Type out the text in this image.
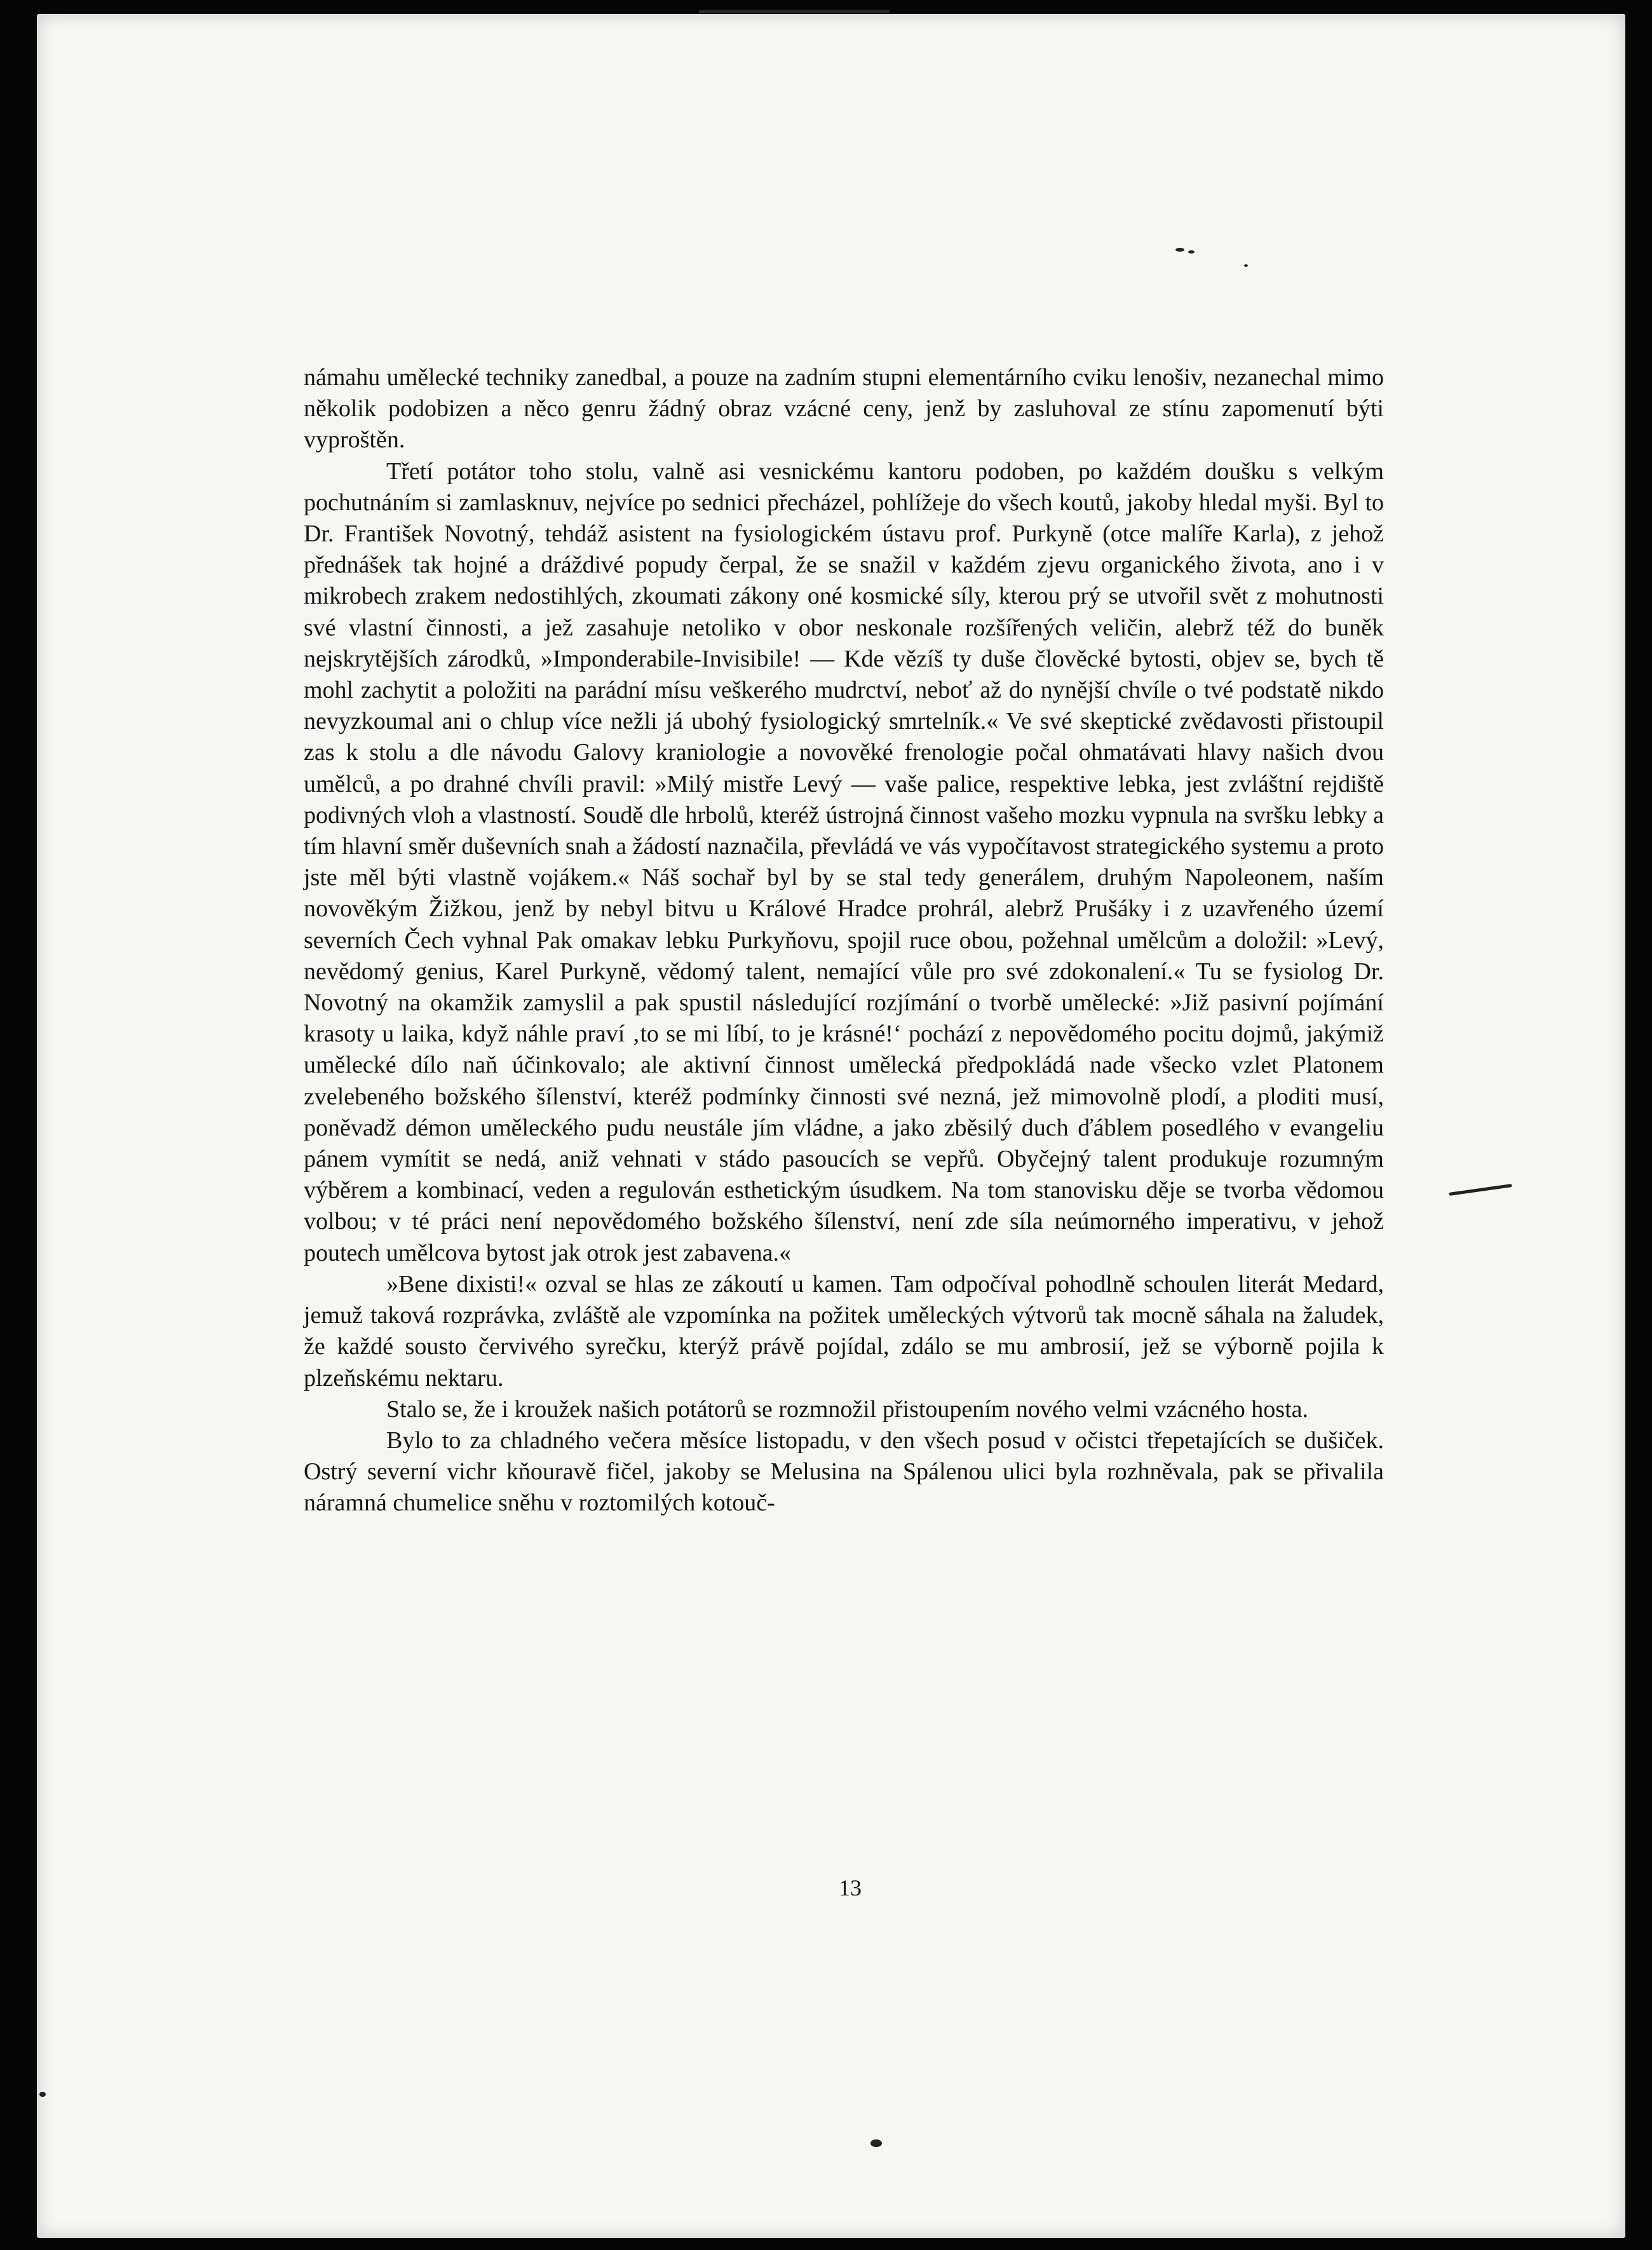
námahu umělecké techniky zanedbal, a pouze na zadním stupni elementárního cviku lenošiv, nezanechal mimo několik podobizen a něco genru žádný obraz vzácné ceny, jenž by zasluhoval ze stínu zapomenutí býti vyproštěn.

Třetí potátor toho stolu, valně asi vesnickému kantoru podoben, po každém doušku s velkým pochutnáním si zamlasknuv, nejvíce po sednici přecházel, pohlížeje do všech koutů, jakoby hledal myši. Byl to Dr. František Novotný, tehdáž asistent na fysiologickém ústavu prof. Purkyně (otce malíře Karla), z jehož přednášek tak hojné a dráždivé popudy čerpal, že se snažil v každém zjevu organického života, ano i v mikrobech zrakem nedostihlých, zkoumati zákony oné kosmické síly, kterou prý se utvořil svět z mohutnosti své vlastní činnosti, a jež zasahuje netoliko v obor neskonale rozšířených veličin, alebrž též do buněk nejskrytějších zárodků, »Imponderabile-Invisibile! — Kde vězíš ty duše člověcké bytosti, objev se, bych tě mohl zachytit a položiti na parádní mísu veškerého mudrctví, neboť až do nynější chvíle o tvé podstatě nikdo nevyzkoumal ani o chlup více nežli já ubohý fysiologický smrtelník.« Ve své skeptické zvědavosti přistoupil zas k stolu a dle návodu Galovy kraniologie a novověké frenologie počal ohmatávati hlavy našich dvou umělců, a po drahné chvíli pravil: »Milý mistře Levý — vaše palice, respektive lebka, jest zvláštní rejdiště podivných vloh a vlastností. Soudě dle hrbolů, kteréž ústrojná činnost vašeho mozku vypnula na svršku lebky a tím hlavní směr duševních snah a žádostí naznačila, převládá ve vás vypočítavost strategického systemu a proto jste měl býti vlastně vojákem.« Náš sochař byl by se stal tedy generálem, druhým Napoleonem, naším novověkým Žižkou, jenž by nebyl bitvu u Králové Hradce prohrál, alebrž Prušáky i z uzavřeného území severních Čech vyhnal Pak omakav lebku Purkyňovu, spojil ruce obou, požehnal umělcům a doložil: »Levý, nevědomý genius, Karel Purkyně, vědomý talent, nemající vůle pro své zdokonalení.« Tu se fysiolog Dr. Novotný na okamžik zamyslil a pak spustil následující rozjímání o tvorbě umělecké: »Již pasivní pojímání krasoty u laika, když náhle praví ‚to se mi líbí, to je krásné!‘ pochází z nepovědomého pocitu dojmů, jakýmiž umělecké dílo naň účinkovalo; ale aktivní činnost umělecká předpokládá nade všecko vzlet Platonem zvelebeného božského šílenství, kteréž podmínky činnosti své nezná, jež mimovolně plodí, a ploditi musí, poněvadž démon uměleckého pudu neustále jím vládne, a jako zběsilý duch ďáblem posedlého v evangeliu pánem vymítit se nedá, aniž vehnati v stádo pasoucích se vepřů. Obyčejný talent produkuje rozumným výběrem a kombinací, veden a regulován esthetickým úsudkem. Na tom stanovisku děje se tvorba vědomou volbou; v té práci není nepovědomého božského šílenství, není zde síla neúmorného imperativu, v jehož poutech umělcova bytost jak otrok jest zabavena.«

»Bene dixisti!« ozval se hlas ze zákoutí u kamen. Tam odpočíval pohodlně schoulen literát Medard, jemuž taková rozprávka, zvláště ale vzpomínka na požitek uměleckých výtvorů tak mocně sáhala na žaludek, že každé sousto červivého syrečku, kterýž právě pojídal, zdálo se mu ambrosií, jež se výborně pojila k plzeňskému nektaru.

Stalo se, že i kroužek našich potátorů se rozmnožil přistoupením nového velmi vzácného hosta.

Bylo to za chladného večera měsíce listopadu, v den všech posud v očistci třepetajících se dušiček. Ostrý severní vichr kňouravě fičel, jakoby se Melusina na Spálenou ulici byla rozhněvala, pak se přivalila náramná chumelice sněhu v roztomilých kotouč-

13
